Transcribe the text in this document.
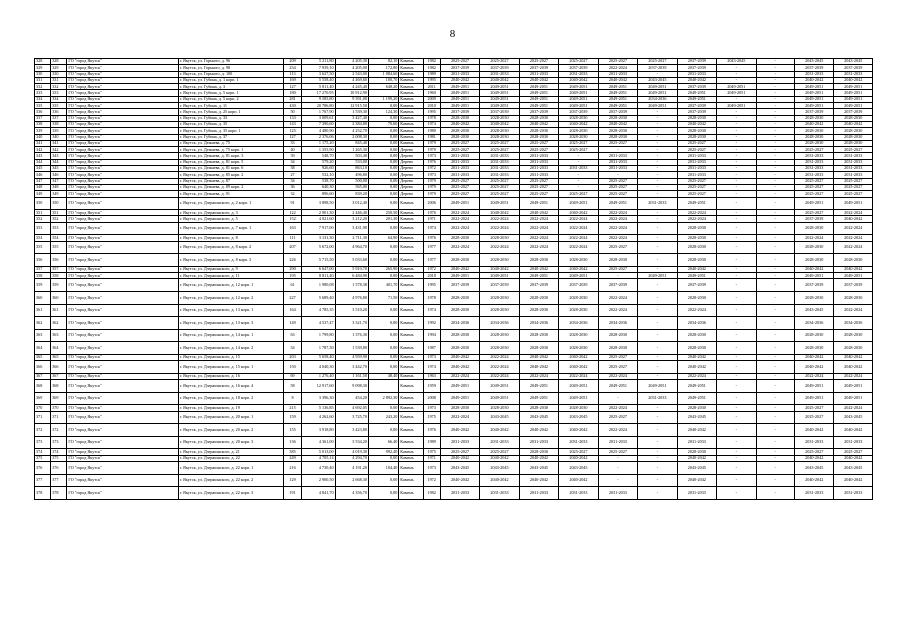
8
328	328	ГО "город Якутск"	г. Якутск, ул. Горького, д. 96	209	5 211,80	4 205,30	82,10	Камень	1982	2025-2027	2025-2027	2025-2027	2025-2027	2025-2027	2025-2027	2037-2039	2043-2045	-	2043-2045	2043-2045
329	329	ГО "город Якутск"	г. Якутск, ул. Горького, д. 98	234	7 939,10	4 205,00	172,80	Камень	1982	2037-2039	2037-2039	2037-2039	2037-2039	2022-2024	2037-2039	2037-2039	-	-	2037-2039	2037-2039
330	330	ГО "город Якутск"	г. Якутск, ул. Горького, д. 100	113	3 627,50	2 543,00	1 084,60	Камень	1989	2031-2033	2031-2033	2031-2033	2031-2033	2031-2033	-	2031-2033	-	-	2031-2033	2031-2033
331	331	ГО "город Якутск"	г. Якутск, ул. Губина, д. 1 корп. 1	169	5 558,40	4 469,60	100,70	Камень	1995	2040-2042	2040-2042	2040-2042	2040-2042	2040-2042	2043-2045	2040-2042	-	-	2040-2042	2040-2042
332	332	ГО "город Якутск"	г. Якутск, ул. Губина, д. 3	127	5 811,40	4 245,40	648,20	Камень	2011	2049-2051	2049-2051	2049-2051	2049-2051	2049-2051	2049-2051	2037-2039	2049-2051	-	2049-2051	2049-2051
333	333	ГО "город Якутск"	г. Якутск, ул. Губина, д. 5 корп. 1	180	17 270,95	10 912,90		Камень	1960	2049-2051	2049-2051	2049-2051	2049-2051	2049-2051	2049-2051	2049-2051	2049-2051	-	2049-2051	2049-2051
334	334	ГО "город Якутск"	г. Якутск, ул. Губина, д. 5 корп. 2	281	9 585,80	9 391,00	1 199,20	Камень	2009	2049-2051	2049-2051	2049-2051	2049-2051	2049-2051	2034-2036	2049-2051	-	-	2049-2051	2049-2051
335	335	ГО "город Якутск"	г. Якутск, ул. Губина, д. 11	430	20 786,80	12 915,50	0,00	Камень	2010	2049-2051	2049-2051	2049-2051	2049-2051	2049-2051	2049-2051	2037-2039	2049-2051	-	2049-2051	2049-2051
336	336	ГО "город Якутск"	г. Якутск, ул. Губина, д. 25 корп. 1	50	1 767,90	1 539,30	124,30	Камень	1995	2037-2039	2037-2039	2037-2039	2037-2039	2037-2039	-	2037-2039	-	-	2037-2039	2037-2039
337	337	ГО "город Якутск"	г. Якутск, ул. Губина, д. 33	133	3 009,61	3 427,40	0,00	Камень	1978	2028-2030	2028-2030	2028-2030	2028-2030	2028-2030	-	2028-2030	-	-	2028-2030	2028-2030
338	338	ГО "город Якутск"	г. Якутск, ул. Губина, д. 35	143	7 390,60	2 384,80	70,60	Камень	1974	2040-2042	2040-2042	2040-2042	2040-2042	2040-2042	-	2040-2042	-	-	2040-2042	2040-2042
339	339	ГО "город Якутск"	г. Якутск, ул. Губина, д. 35 корп. 1	125	4 480,90	4 252,70	0,00	Камень	1980	2028-2030	2028-2030	2028-2030	2028-2030	2028-2030	-	2028-2030	-	-	2028-2030	2028-2030
340	340	ГО "город Якутск"	г. Якутск, ул. Губина, д. 37	127	2 376,06	2 008,30	0,00	Камень	1981	2028-2030	2028-2030	2028-2030	2028-2030	2028-2030	-	2028-2030	-	-	2028-2030	2028-2030
341	341	ГО "город Якутск"	г. Якутск, ул. Дежнева, д. 75	33	1 175,20	845,40	0,00	Камень	1979	2025-2027	2025-2027	2025-2027	2025-2027	2025-2027	-	2025-2027	-	-	2028-2030	2028-2030
342	342	ГО "город Якутск"	г. Якутск, ул. Дежнева, д. 75 корп. 1	40	1 355,90	1 265,30	0,00	Дерево	1979	2025-2027	2025-2027	2025-2027	2025-2027	-	-	2025-2027	-	-	2025-2027	2025-2027
343	343	ГО "город Якутск"	г. Якутск, ул. Дежнева, д. 81 корп. 3	39	548,70	503,40	0,00	Дерево	1973	2031-2033	2031-2033	2031-2033	-	2031-2033	-	2031-2033	-	-	2031-2033	2031-2033
344	344	ГО "город Якутск"	г. Якутск, ул. Дежнева, д. 81 корп. 5	34	579,20	533,00	0,00	Дерево	1976	2031-2033	2031-2033	2031-2033	-	2031-2033	-	2031-2033	-	-	2031-2033	2031-2033
345	345	ГО "город Якутск"	г. Якутск, ул. Дежнева, д. 81 корп. 6	38	926,60	863,10	0,00	Дерево	1972	2031-2033	2031-2033	2031-2033	2031-2033	2031-2033	-	2031-2033	-	-	2031-2033	2031-2033
346	346	ГО "город Якутск"	г. Якутск, ул. Дежнева, д. 85 корп. 2	27	532,10	496,80	0,00	Дерево	1973	2031-2033	2031-2033	2031-2033	-	-	-	2031-2033	-	-	2031-2033	2031-2033
347	347	ГО "город Якутск"	г. Якутск, ул. Дежнева, д. 87	34	538,70	500,00	0,00	Дерево	1979	2025-2027	2025-2027	2025-2027	-	2025-2027	-	2025-2027	-	-	2025-2027	2025-2027
348	348	ГО "город Якутск"	г. Якутск, ул. Дежнева, д. 89 корп. 2	36	640,30	565,00	0,00	Дерево	1979	2025-2027	2025-2027	2025-2027	-	2025-2027	-	2025-2027	-	-	2025-2027	2025-2027
349	349	ГО "город Якутск"	г. Якутск, ул. Дежнева, д. 91	32	896,60	839,20	0,00	Дерево	1979	2025-2027	2025-2027	2025-2027	2025-2027	2025-2027	-	2025-2027	-	-	2025-2027	2025-2027
350	350	ГО "город Якутск"	г. Якутск, ул. Дзержинского, д. 2 корп. 1	91	3 898,50	3 012,40	0,00	Камень	2006	2049-2051	2049-2051	2049-2051	2049-2051	2049-2051	2031-2033	2049-2051	-	-	2049-2051	2049-2051
351	351	ГО "город Якутск"	г. Якутск, ул. Дзержинского, д. 3	122	2 901,30	2 446,40	250,50	Камень	1976	2022-2024	2040-2042	2040-2042	2040-2042	2022-2024	-	2022-2024	-	-	2025-2027	2022-2024
352	352	ГО "город Якутск"	г. Якутск, ул. Дзержинского, д. 5	152	4 021,60	3 212,20	201,30	Камень	1971	2022-2024	2022-2024	2022-2024	2022-2024	2022-2024	-	2022-2024	-	-	2037-2039	2040-2042
353	353	ГО "город Якутск"	г. Якутск, ул. Дзержинского, д. 7 корп. 1	163	7 917,00	3 431,90	0,00	Камень	1974	2022-2024	2022-2024	2022-2024	2022-2024	2022-2024	-	2028-2030	-	-	2028-2030	2022-2024
354	354	ГО "город Якутск"	г. Якутск, ул. Дзержинского, д. 8	111	3 131,30	2 711,30	64,90	Камень	1976	2028-2030	2028-2030	2022-2024	2022-2024	2022-2024	-	2028-2030	-	-	2022-2024	2022-2024
355	355	ГО "город Якутск"	г. Якутск, ул. Дзержинского, д. 8 корп. 2	207	5 672,00	4 964,70	0,00	Камень	1977	2022-2024	2022-2024	2022-2024	2022-2024	2025-2027	-	2028-2030	-	-	2028-2030	2022-2024
356	356	ГО "город Якутск"	г. Якутск, ул. Дзержинского, д. 8 корп. 3	226	5 715,50	5 033,60	0,00	Камень	1977	2028-2030	2028-2030	2028-2030	2028-2030	2028-2030	-	2028-2030	-	-	2028-2030	2028-2030
357	357	ГО "город Якутск"	г. Якутск, ул. Дзержинского, д. 9	290	6 647,00	5 910,70	265,90	Камень	1972	2040-2042	2040-2042	2040-2042	2040-2042	2025-2027	-	2040-2042	-	-	2040-2042	2040-2042
358	358	ГО "город Якутск"	г. Якутск, ул. Дзержинского, д. 11	195	8 811,40	6 484,90	0,00	Камень	2018	2049-2051	2049-2051	2049-2051	2049-2051	-	2049-2051	2049-2051	-	-	2049-2051	2049-2051
359	359	ГО "город Якутск"	г. Якутск, ул. Дзержинского, д. 12 корп. 1	61	1 980,08	1 578,38	401,70	Камень	1995	2037-2039	2037-2039	2037-2039	2037-2039	2037-2039	-	2037-2039	-	-	2037-2039	2037-2039
360	360	ГО "город Якутск"	г. Якутск, ул. Дзержинского, д. 12 корп. 2	227	5 689,40	4 976,80	71,50	Камень	1978	2028-2030	2028-2030	2028-2030	2028-2030	2022-2024	-	2028-2030	-	-	2028-2030	2028-2030
361	361	ГО "город Якутск"	г. Якутск, ул. Дзержинского, д. 13 корп. 1	164	4 785,35	3 510,20	0,00	Камень	1974	2028-2030	2028-2030	2028-2030	2028-2030	2022-2024	-	2022-2024	-	-	2043-2045	2022-2024
362	362	ГО "город Якутск"	г. Якутск, ул. Дзержинского, д. 13 корп. 3	149	4 537,47	3 321,70	0,00	Камень	1992	2034-2036	2034-2036	2034-2036	2034-2036	2034-2036	-	2034-2036	-	-	2034-2036	2034-2036
363	363	ГО "город Якутск"	г. Якутск, ул. Дзержинского, д. 14 корп. 1	63	1 799,80	1 376,30	0,00	Камень	1994	2028-2030	2028-2030	2028-2030	2028-2030	2028-2030	-	2028-2030	-	-	2028-2030	2028-2030
364	364	ГО "город Якутск"	г. Якутск, ул. Дзержинского, д. 14 корп. 2	54	1 787,30	1 539,80	0,00	Камень	1987	2028-2030	2028-2030	2028-2030	2028-2030	2028-2030	-	2028-2030	-	-	2028-2030	2028-2030
365	365	ГО "город Якутск"	г. Якутск, ул. Дзержинского, д. 15	203	5 658,40	4 959,90	0,00	Камень	1973	2040-2042	2022-2024	2040-2042	2040-2042	2025-2027	-	2040-2042	-	-	2040-2042	2040-2042
366	366	ГО "город Якутск"	г. Якутск, ул. Дзержинского, д. 15 корп. 1	150	4 040,30	3 442,70	0,00	Камень	1974	2040-2042	2022-2024	2040-2042	2040-2042	2025-2027	-	2040-2042	-	-	2040-2042	2040-2042
367	367	ГО "город Якутск"	г. Якутск, ул. Дзержинского, д. 16	69	1 276,40	1 161,50	48,40	Камень	1963	2022-2024	2022-2024	2022-2024	2022-2024	2022-2024	-	2022-2024	-	-	2022-2024	2022-2024
368	368	ГО "город Якутск"	г. Якутск, ул. Дзержинского, д. 16 корп. 4	58	12 917,60	9 098,30		Камень	1959	2049-2051	2049-2051	2049-2051	2049-2051	2049-2051	2049-2051	2049-2051	-	-	2049-2051	2049-2051
369	369	ГО "город Якутск"	г. Якутск, ул. Дзержинского, д. 18 корп. 2	8	3 396,30	454,20	2 892,30	Камень	2008	2049-2051	2049-2051	2049-2051	2049-2051	-	2031-2033	2049-2051	-	-	2049-2051	2049-2051
370	370	ГО "город Якутск"	г. Якутск, ул. Дзержинского, д. 19	215	5 136,85	4 692,05	0,00	Камень	1973	2028-2030	2028-2030	2028-2030	2028-2030	2022-2024	-	2028-2030	-	-	2025-2027	2022-2024
371	371	ГО "город Якутск"	г. Якутск, ул. Дзержинского, д. 20 корп. 1	159	4 262,60	3 725,70	243,20	Камень	1975	2022-2024	2043-2045	2043-2045	2043-2045	2025-2027	-	2043-2045	-	-	2025-2027	2043-2045
372	372	ГО "город Якутск"	г. Якутск, ул. Дзержинского, д. 20 корп. 2	155	3 918,80	3 423,80	0,00	Камень	1976	2040-2042	2040-2042	2040-2042	2040-2042	2022-2024	-	2040-2042	-	-	2040-2042	2040-2042
373	373	ГО "город Якутск"	г. Якутск, ул. Дзержинского, д. 20 корп. 3	136	4 361,00	3 534,20	66,40	Камень	1989	2031-2033	2031-2033	2031-2033	2031-2033	2031-2033	-	2031-2033	-	-	2031-2033	2031-2033
374	374	ГО "город Якутск"	г. Якутск, ул. Дзержинского, д. 21	385	5 013,00	4 019,30	992,40	Камень	1975	2025-2027	2025-2027	2028-2030	2025-2027	2025-2027	-	2028-2030	-	-	2025-2027	2025-2027
375	375	ГО "город Якутск"	г. Якутск, ул. Дзержинского, д. 22	249	4 705,14	4 294,70	0,00	Камень	1971	2040-2042	2040-2042	2040-2042	2040-2042	-	-	2040-2042	-	-	2040-2042	2040-2042
376	376	ГО "город Якутск"	г. Якутск, ул. Дзержинского, д. 22 корп. 1	216	4 730,40	4 191,20	104,40	Камень	1973	2043-2045	2043-2045	2043-2045	2043-2045	-	-	2043-2045	-	-	2043-2045	2043-2045
377	377	ГО "город Якутск"	г. Якутск, ул. Дзержинского, д. 22 корп. 2	129	2 900,50	2 668,30	0,00	Камень	1972	2040-2042	2040-2042	2040-2042	2040-2042	-	-	2040-2042	-	-	2040-2042	2040-2042
378	378	ГО "город Якутск"	г. Якутск, ул. Дзержинского, д. 22 корп. 3	191	4 841,70	4 356,70	0,00	Камень	1982	2031-2033	2031-2033	2031-2033	2031-2033	2031-2033	-	2031-2033	-	-	2031-2033	2031-2033
